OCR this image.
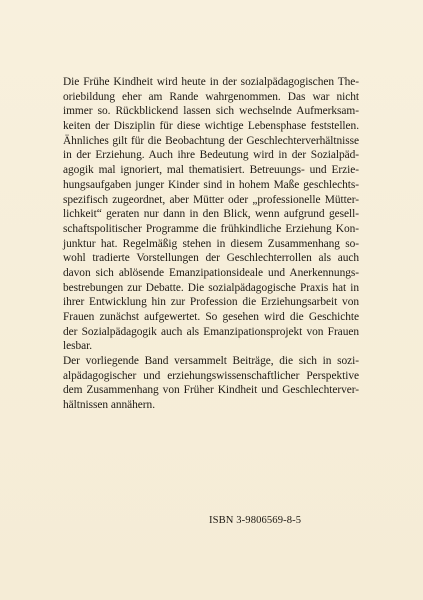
Die Frühe Kindheit wird heute in der sozialpädagogischen The-
oriebildung eher am Rande wahrgenommen. Das war nicht
immer so. Rückblickend lassen sich wechselnde Aufmerksam-
keiten der Disziplin für diese wichtige Lebensphase feststellen.
Ähnliches gilt für die Beobachtung der Geschlechterverhältnisse
in der Erziehung. Auch ihre Bedeutung wird in der Sozialpäd-
agogik mal ignoriert, mal thematisiert. Betreuungs- und Erzie-
hungsaufgaben junger Kinder sind in hohem Maße geschlechts-
spezifisch zugeordnet, aber Mütter oder „professionelle Mütter-
lichkeit“ geraten nur dann in den Blick, wenn aufgrund gesell-
schaftspolitischer Programme die frühkindliche Erziehung Kon-
junktur hat. Regelmäßig stehen in diesem Zusammenhang so-
wohl tradierte Vorstellungen der Geschlechterrollen als auch
davon sich ablösende Emanzipationsideale und Anerkennungs-
bestrebungen zur Debatte. Die sozialpädagogische Praxis hat in
ihrer Entwicklung hin zur Profession die Erziehungsarbeit von
Frauen zunächst aufgewertet. So gesehen wird die Geschichte
der Sozialpädagogik auch als Emanzipationsprojekt von Frauen
lesbar.
Der vorliegende Band versammelt Beiträge, die sich in sozi-
alpädagogischer und erziehungswissenschaftlicher Perspektive
dem Zusammenhang von Früher Kindheit und Geschlechterver-
hältnissen annähern.
ISBN 3-9806569-8-5
